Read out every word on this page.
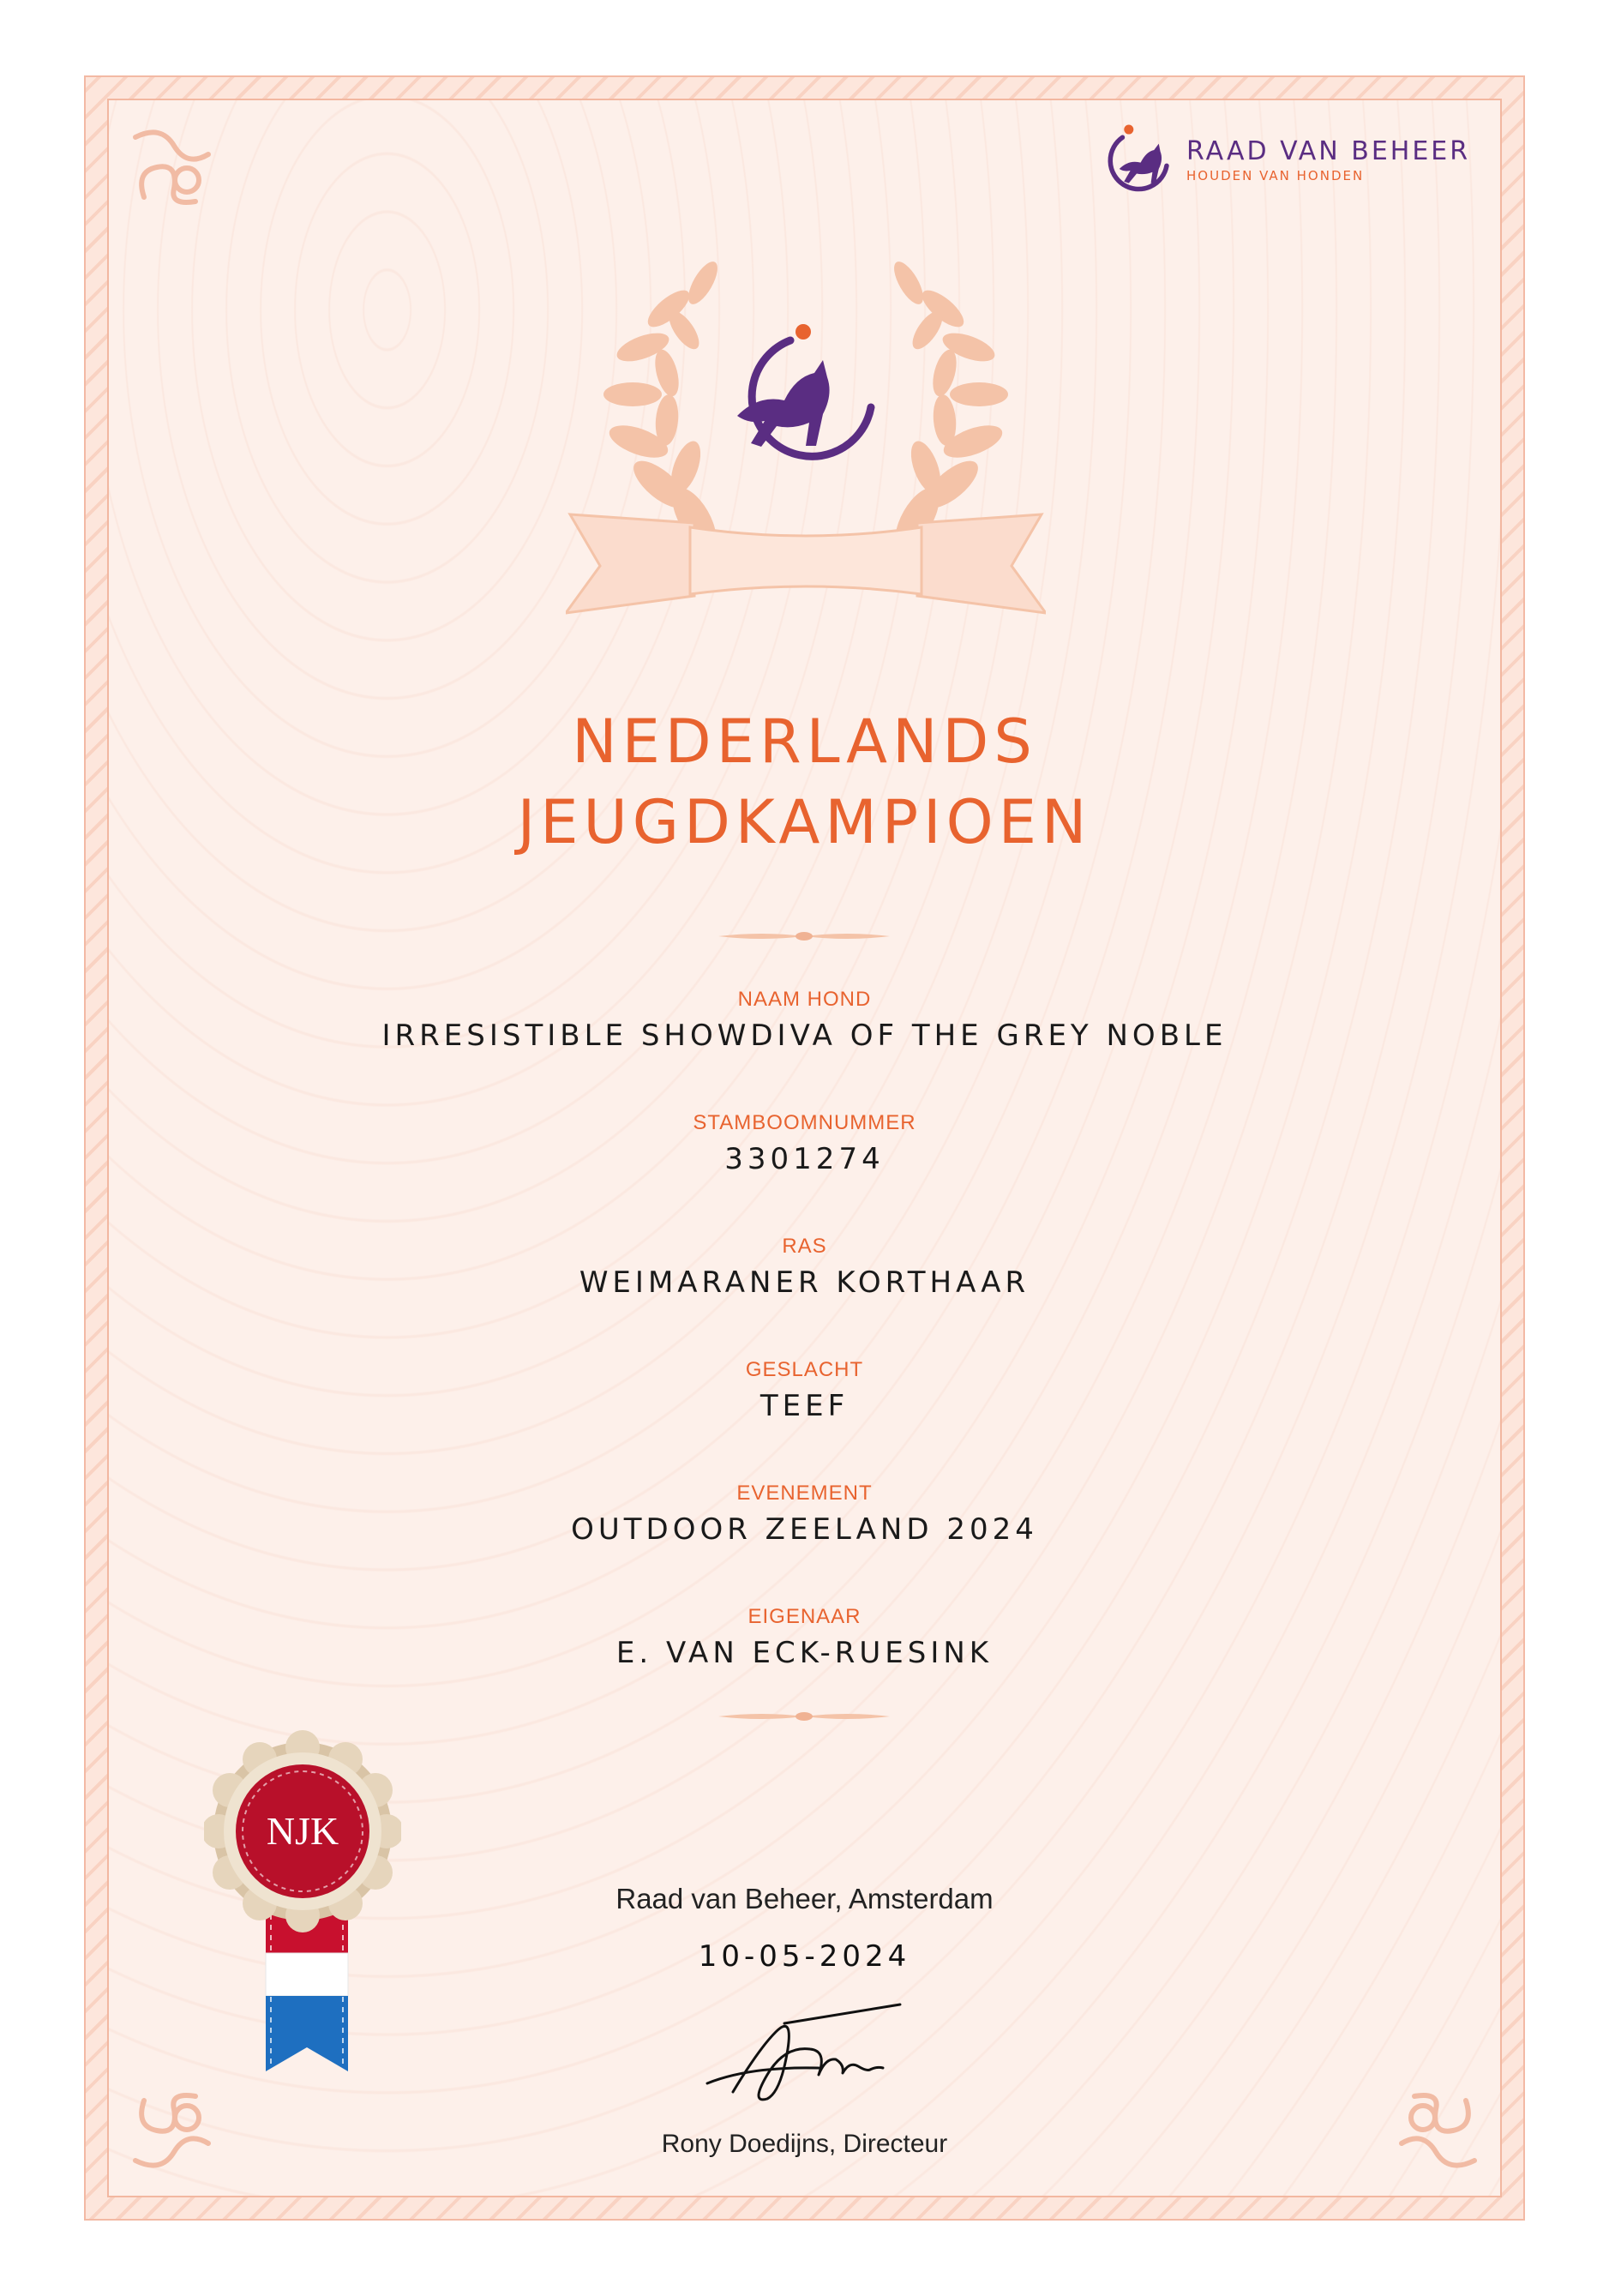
RAAD VAN BEHEER
HOUDEN VAN HONDEN
NEDERLANDS
JEUGDKAMPIOEN
NAAM HOND
IRRESISTIBLE SHOWDIVA OF THE GREY NOBLE
STAMBOOMNUMMER
3301274
RAS
WEIMARANER KORTHAAR
GESLACHT
TEEF
EVENEMENT
OUTDOOR ZEELAND 2024
EIGENAAR
E. VAN ECK-RUESINK
NJK
Raad van Beheer, Amsterdam
10-05-2024
Rony Doedijns, Directeur
